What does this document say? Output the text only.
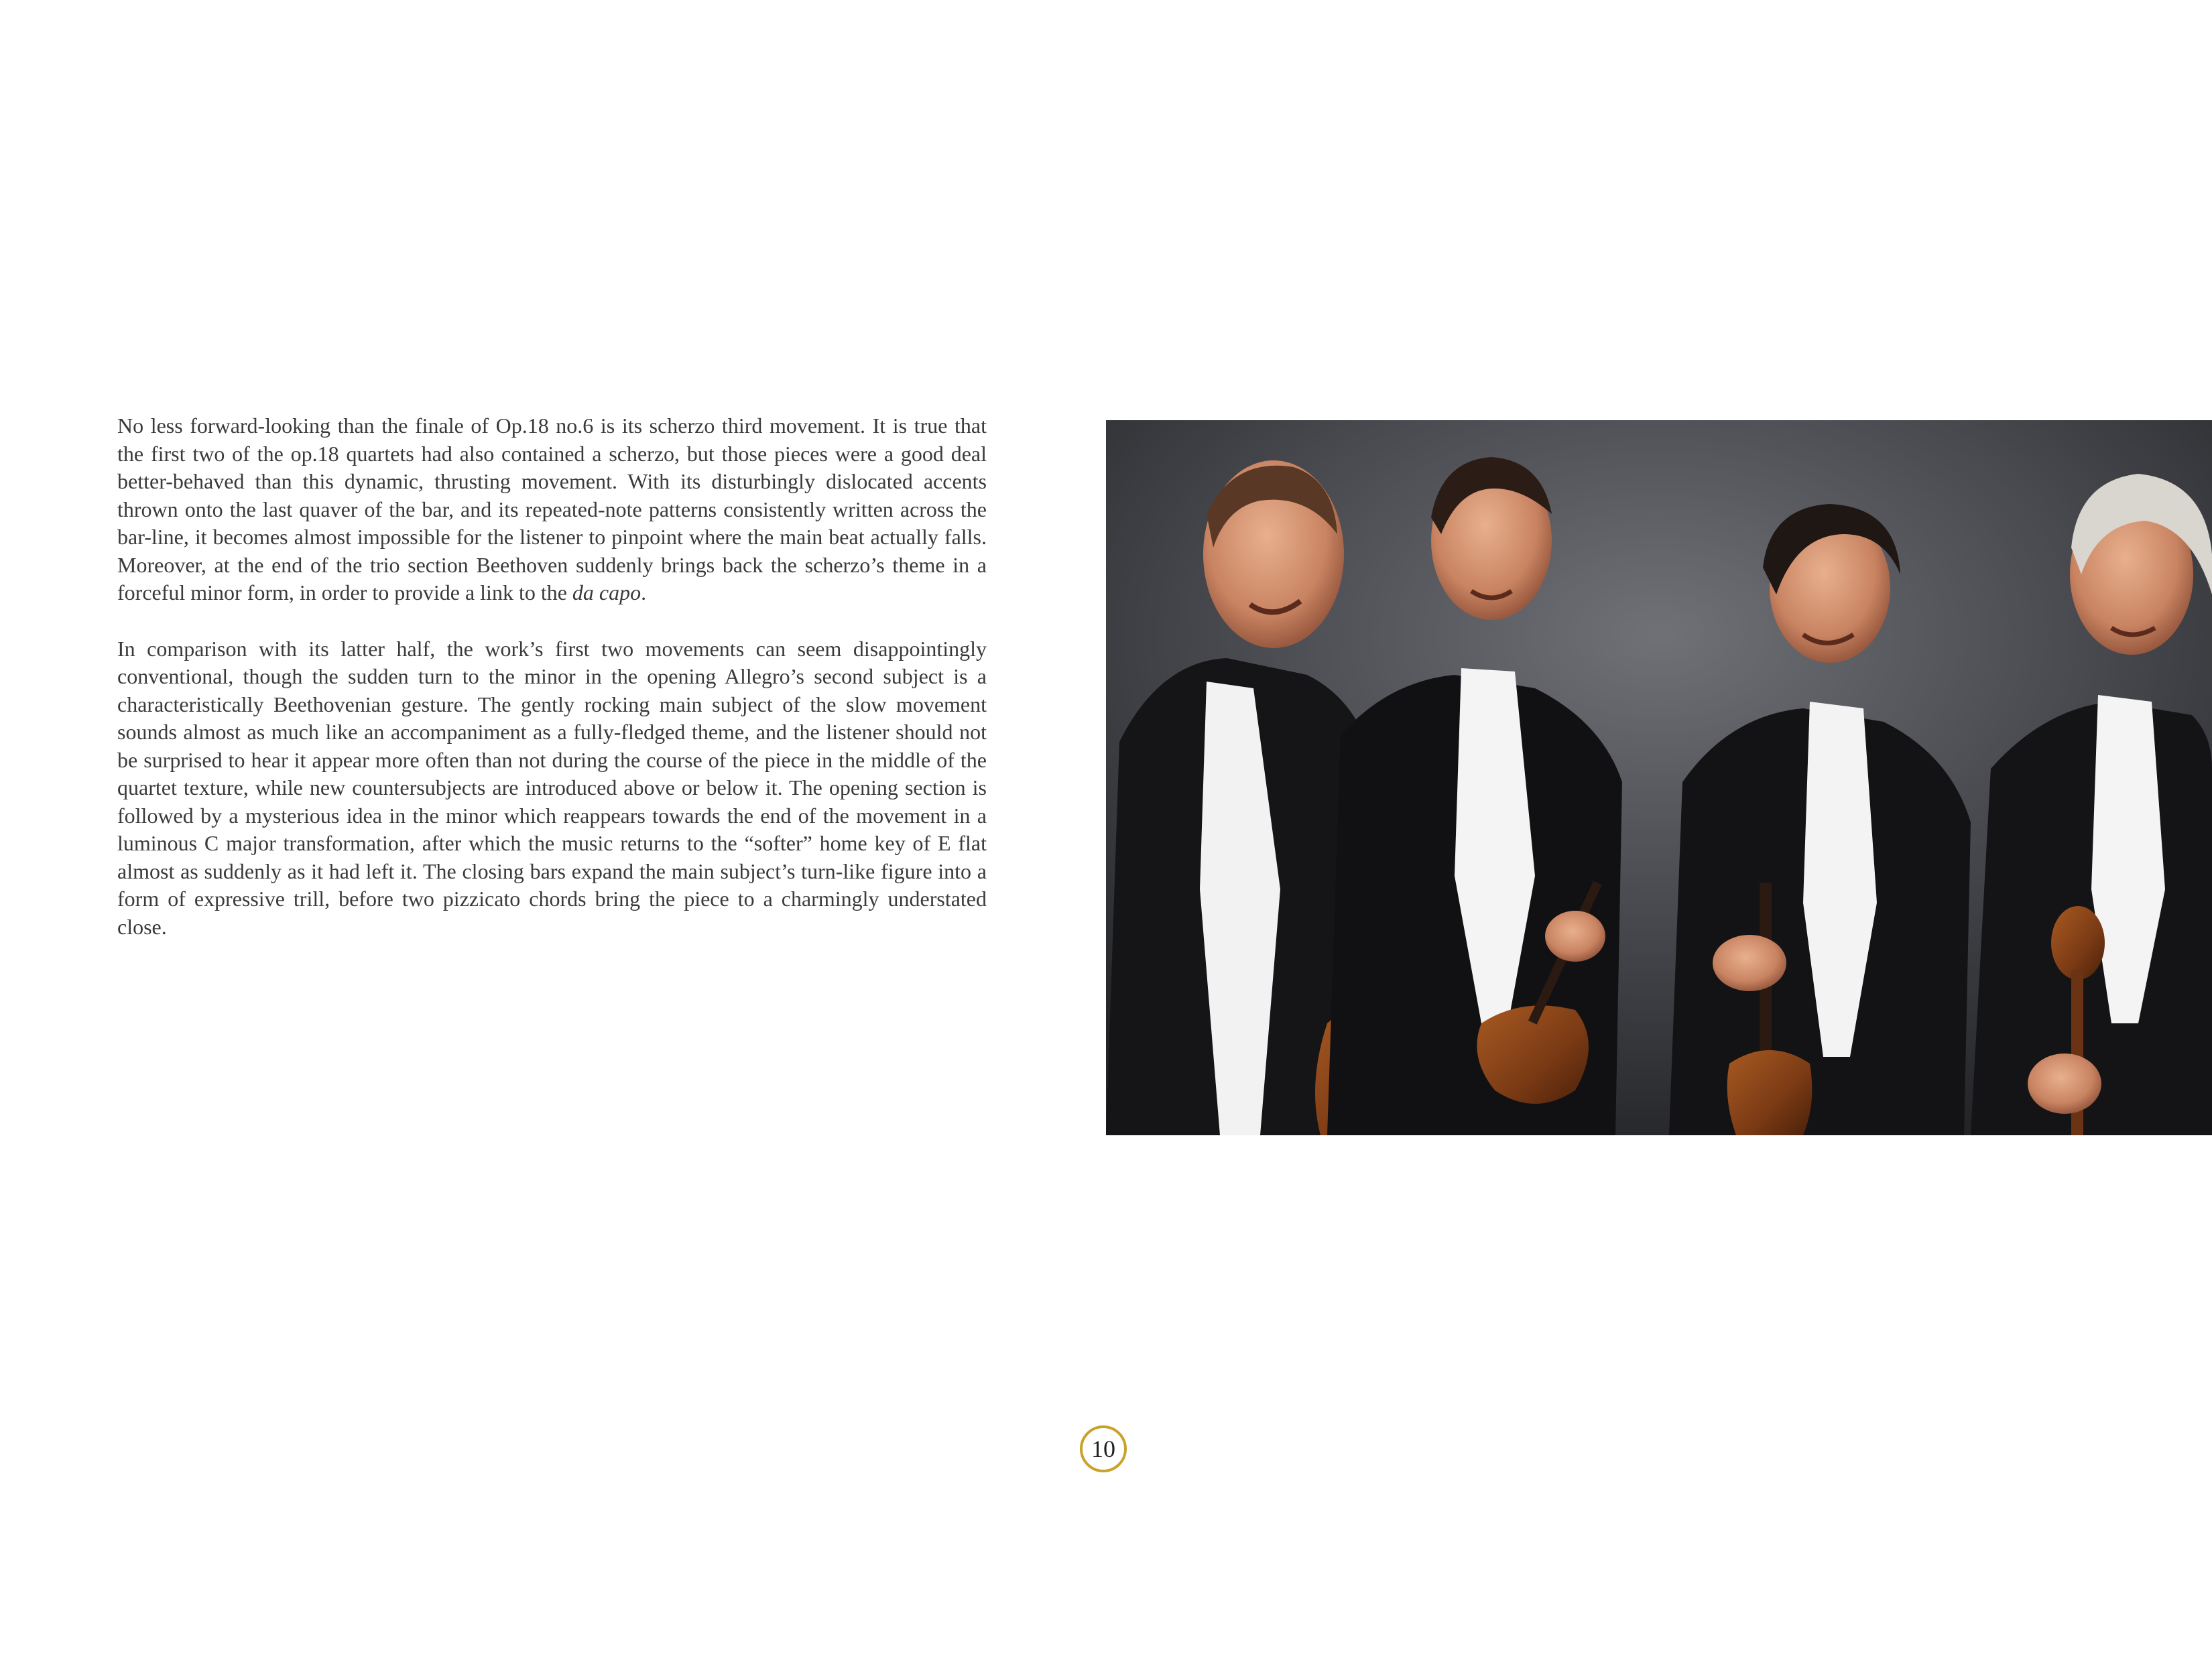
No less forward-looking than the finale of Op.18 no.6 is its scherzo third movement. It is true that the first two of the op.18 quartets had also contained a scherzo, but those pieces were a good deal better-behaved than this dynamic, thrusting movement. With its disturbingly dislocated accents thrown onto the last quaver of the bar, and its repeated-note patterns consistently written across the bar-line, it becomes almost impossible for the listener to pinpoint where the main beat actually falls. Moreover, at the end of the trio section Beethoven suddenly brings back the scherzo’s theme in a forceful minor form, in order to provide a link to the da capo.

In comparison with its latter half, the work’s first two movements can seem disappointingly conventional, though the sudden turn to the minor in the opening Allegro’s second subject is a characteristically Beethovenian gesture. The gently rocking main subject of the slow movement sounds almost as much like an accompaniment as a fully-fledged theme, and the listener should not be surprised to hear it appear more often than not during the course of the piece in the middle of the quartet texture, while new countersubjects are introduced above or below it. The opening section is followed by a mysterious idea in the minor which reappears towards the end of the movement in a luminous C major transformation, after which the music returns to the “softer” home key of E flat almost as suddenly as it had left it. The closing bars expand the main subject’s turn-like figure into a form of expressive trill, before two pizzicato chords bring the piece to a charmingly understated close.

10
